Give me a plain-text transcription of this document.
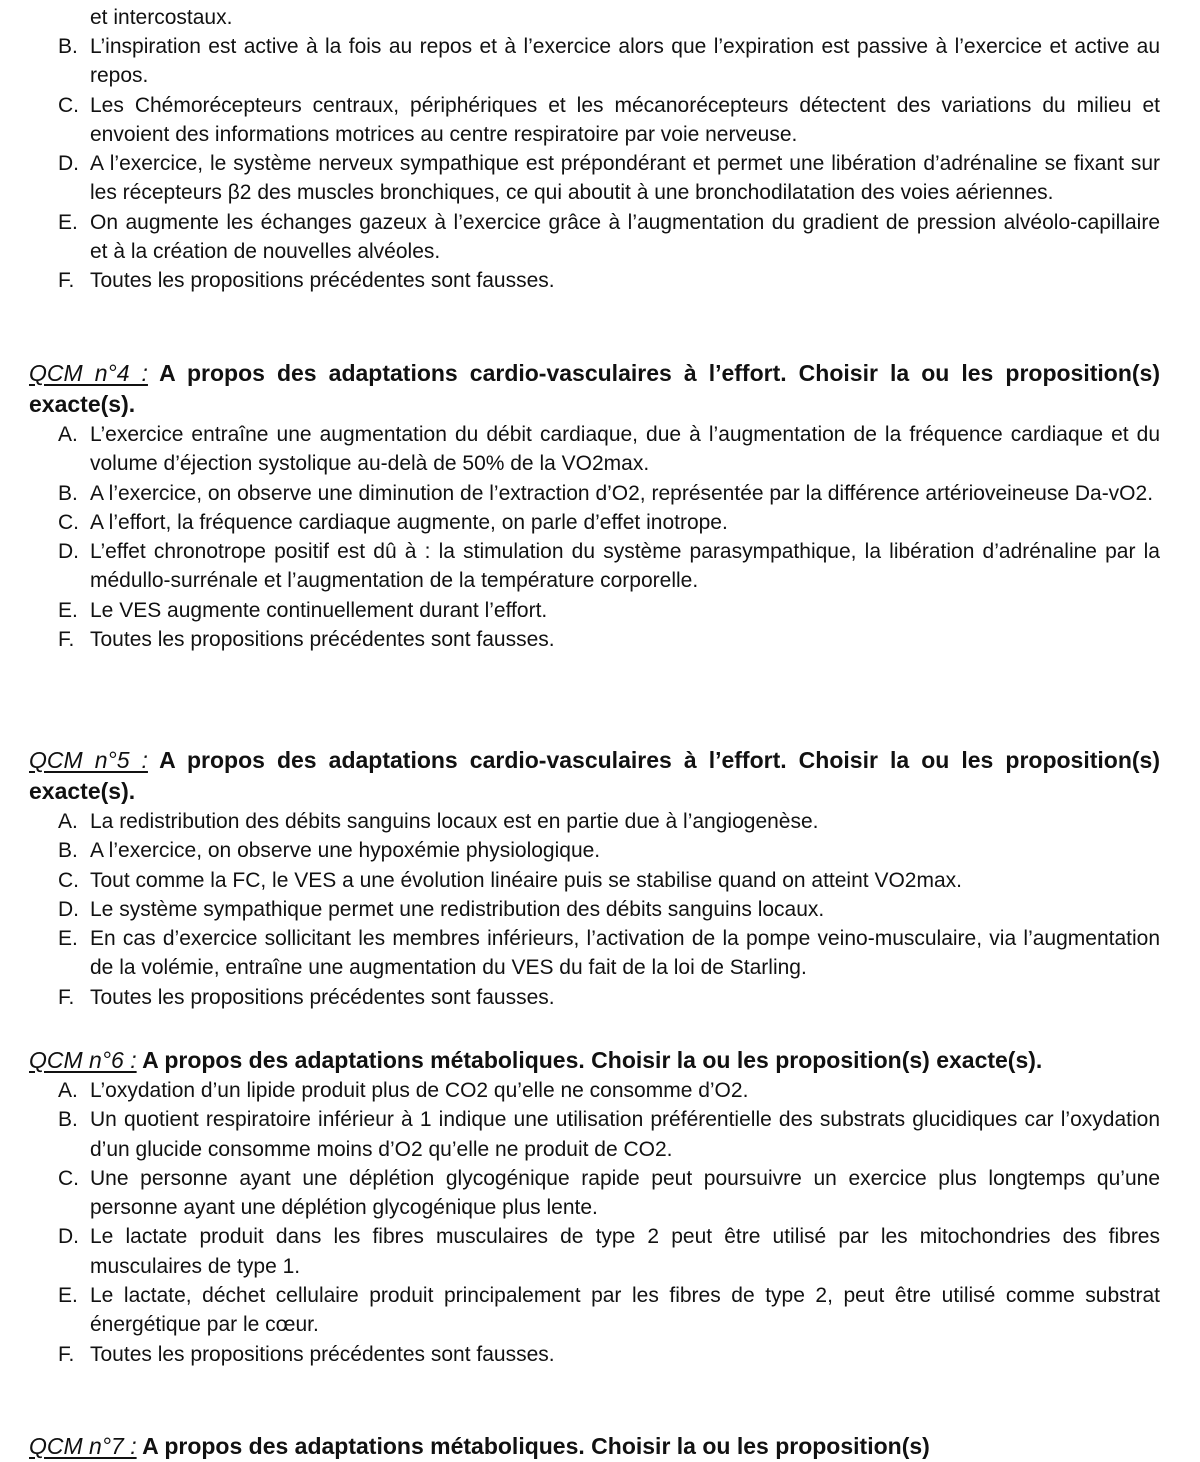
et intercostaux.
B. L’inspiration est active à la fois au repos et à l’exercice alors que l’expiration est passive à l’exercice et active au repos.
C. Les Chémorécepteurs centraux, périphériques et les mécanorécepteurs détectent des variations du milieu et envoient des informations motrices au centre respiratoire par voie nerveuse.
D. A l’exercice, le système nerveux sympathique est prépondérant et permet une libération d’adrénaline se fixant sur les récepteurs β2 des muscles bronchiques, ce qui aboutit à une bronchodilatation des voies aériennes.
E. On augmente les échanges gazeux à l’exercice grâce à l’augmentation du gradient de pression alvéolo-capillaire et à la création de nouvelles alvéoles.
F. Toutes les propositions précédentes sont fausses.
QCM n°4 : A propos des adaptations cardio-vasculaires à l’effort. Choisir la ou les proposition(s) exacte(s).
A. L’exercice entraîne une augmentation du débit cardiaque, due à l’augmentation de la fréquence cardiaque et du volume d’éjection systolique au-delà de 50% de la VO2max.
B. A l’exercice, on observe une diminution de l’extraction d’O2, représentée par la différence artérioveineuse Da-vO2.
C. A l’effort, la fréquence cardiaque augmente, on parle d’effet inotrope.
D. L’effet chronotrope positif est dû à : la stimulation du système parasympathique, la libération d’adrénaline par la médullo-surrénale et l’augmentation de la température corporelle.
E. Le VES augmente continuellement durant l’effort.
F. Toutes les propositions précédentes sont fausses.
QCM n°5 : A propos des adaptations cardio-vasculaires à l’effort. Choisir la ou les proposition(s) exacte(s).
A. La redistribution des débits sanguins locaux est en partie due à l’angiogenèse.
B. A l’exercice, on observe une hypoxémie physiologique.
C. Tout comme la FC, le VES a une évolution linéaire puis se stabilise quand on atteint VO2max.
D. Le système sympathique permet une redistribution des débits sanguins locaux.
E. En cas d’exercice sollicitant les membres inférieurs, l’activation de la pompe veino-musculaire, via l’augmentation de la volémie, entraîne une augmentation du VES du fait de la loi de Starling.
F. Toutes les propositions précédentes sont fausses.
QCM n°6 : A propos des adaptations métaboliques. Choisir la ou les proposition(s) exacte(s).
A. L’oxydation d’un lipide produit plus de CO2 qu’elle ne consomme d’O2.
B. Un quotient respiratoire inférieur à 1 indique une utilisation préférentielle des substrats glucidiques car l’oxydation d’un glucide consomme moins d’O2 qu’elle ne produit de CO2.
C. Une personne ayant une déplétion glycogénique rapide peut poursuivre un exercice plus longtemps qu’une personne ayant une déplétion glycogénique plus lente.
D. Le lactate produit dans les fibres musculaires de type 2 peut être utilisé par les mitochondries des fibres musculaires de type 1.
E. Le lactate, déchet cellulaire produit principalement par les fibres de type 2, peut être utilisé comme substrat énergétique par le cœur.
F. Toutes les propositions précédentes sont fausses.
QCM n°7 : A propos des adaptations métaboliques. Choisir la ou les proposition(s)
